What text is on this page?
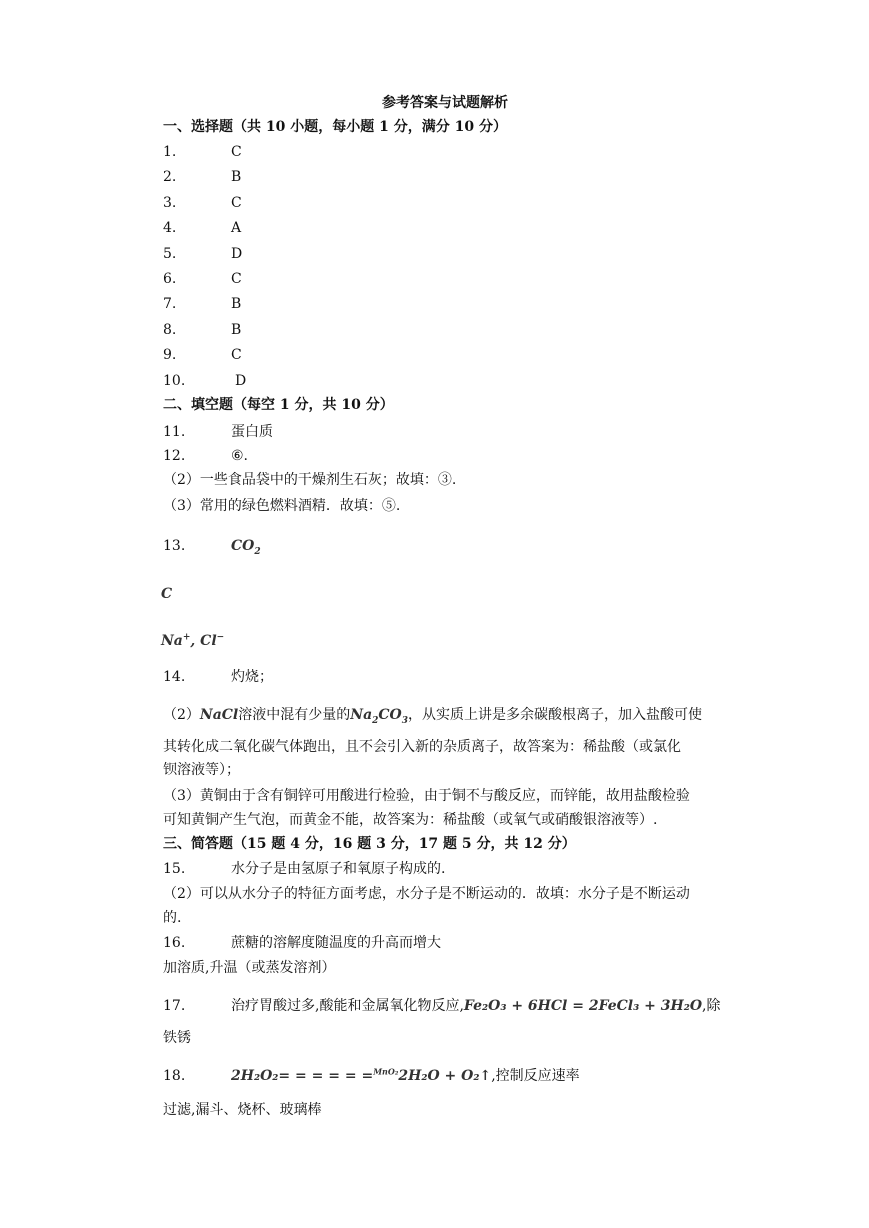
参考答案与试题解析
一、选择题（共 10 小题，每小题 1 分，满分 10 分）
1.	C
2.	B
3.	C
4.	A
5.	D
6.	C
7.	B
8.	B
9.	C
10.	D
二、填空题（每空 1 分，共 10 分）
11.	蛋白质
12.	⑥.
（2）一些食品袋中的干燥剂生石灰；故填：③.
（3）常用的绿色燃料酒精．故填：⑤.
13.	$CO_2$
C
Na+, Cl−
14.	灼烧；
（2）NaCl溶液中混有少量的$Na_2CO_3$，从实质上讲是多余碳酸根离子，加入盐酸可使
其转化成二氧化碳气体跑出，且不会引入新的杂质离子，故答案为：稀盐酸（或氯化
钡溶液等）；
（3）黄铜由于含有铜锌可用酸进行检验，由于铜不与酸反应，而锌能，故用盐酸检验
可知黄铜产生气泡，而黄金不能，故答案为：稀盐酸（或氧气或硝酸银溶液等）.
三、简答题（15 题 4 分，16 题 3 分，17 题 5 分，共 12 分）
15.	水分子是由氢原子和氧原子构成的.
（2）可以从水分子的特征方面考虑，水分子是不断运动的．故填：水分子是不断运动
的.
16.	蔗糖的溶解度随温度的升高而增大
加溶质,升温（或蒸发溶剂）
17.	治疗胃酸过多,酸能和金属氧化物反应,Fe₂O₃ + 6HCl = 2FeCl₃ + 3H₂O,除
铁锈
18.	2H₂O₂= = = = = =$^{MnO_2}$2H₂O + O₂↑,控制反应速率
过滤,漏斗、烧杯、玻璃棒
